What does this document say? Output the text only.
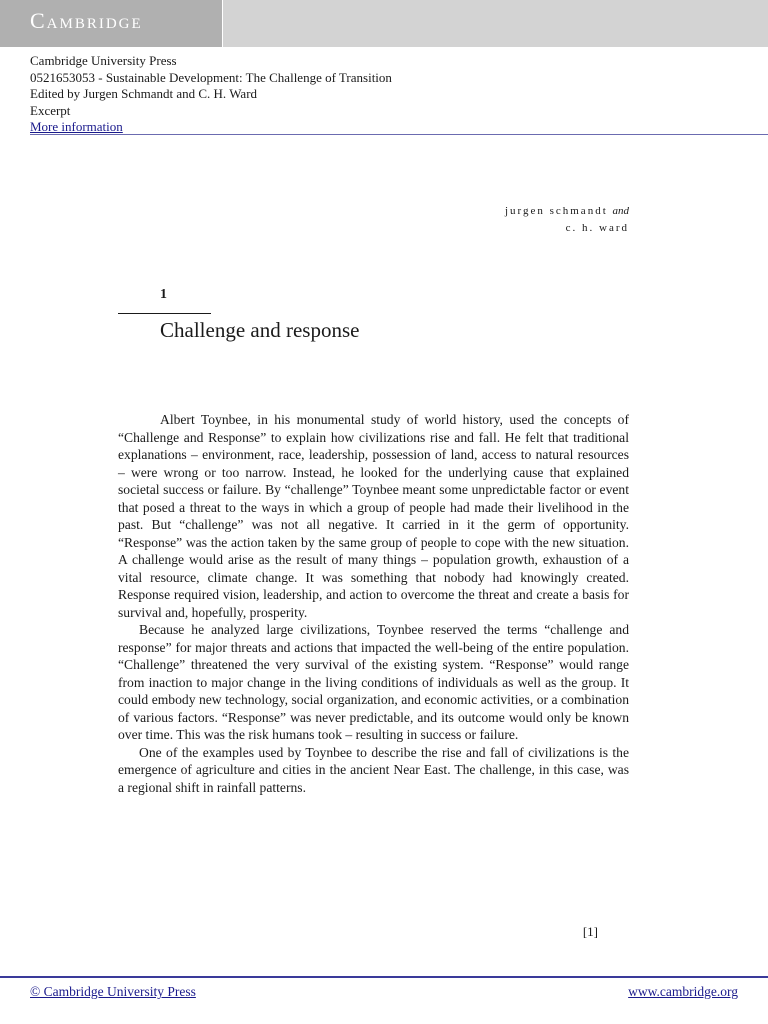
Cambridge
Cambridge University Press
0521653053 - Sustainable Development: The Challenge of Transition
Edited by Jurgen Schmandt and C. H. Ward
Excerpt
More information
jurgen schmandt and
c. h. ward
1
Challenge and response

Albert Toynbee, in his monumental study of world history, used the concepts of “Challenge and Response” to explain how civilizations rise and fall. He felt that traditional explanations – environment, race, leadership, possession of land, access to natural resources – were wrong or too narrow. Instead, he looked for the underlying cause that explained societal success or failure. By “challenge” Toynbee meant some unpredictable factor or event that posed a threat to the ways in which a group of people had made their livelihood in the past. But “challenge” was not all negative. It carried in it the germ of opportunity. “Response” was the action taken by the same group of people to cope with the new situation. A challenge would arise as the result of many things – population growth, exhaustion of a vital resource, climate change. It was something that nobody had knowingly created. Response required vision, leadership, and action to overcome the threat and create a basis for survival and, hopefully, prosperity.

Because he analyzed large civilizations, Toynbee reserved the terms “challenge and response” for major threats and actions that impacted the well-being of the entire population. “Challenge” threatened the very survival of the existing system. “Response” would range from inaction to major change in the living conditions of individuals as well as the group. It could embody new technology, social organization, and economic activities, or a combination of various factors. “Response” was never predictable, and its outcome would only be known over time. This was the risk humans took – resulting in success or failure.

One of the examples used by Toynbee to describe the rise and fall of civilizations is the emergence of agriculture and cities in the ancient Near East. The challenge, in this case, was a regional shift in rainfall patterns.

[1]
© Cambridge University Press	www.cambridge.org
